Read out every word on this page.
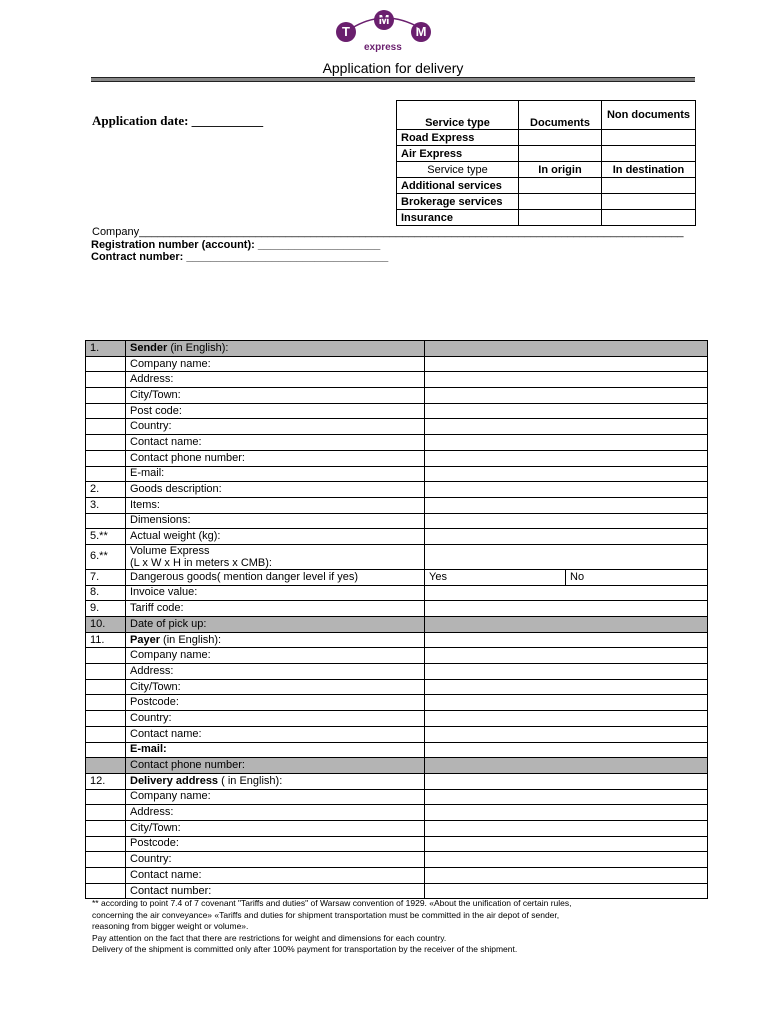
T
M
M
express
Application for delivery
Application date: ___________	Service type	Documents	Non documents
Road Express		
Air Express		
Service type	In origin	In destination
Additional services		
Brokerage services		
Insurance		
Company_________________________________________________________________________________________
Registration number (account): ____________________
Contract number: _________________________________
1.	Sender (in English):		
	Company name:		
	Address:		
	City/Town:		
	Post code:		
	Country:		
	Contact name:		
	Contact phone number:		
	E-mail:		
2.	Goods description:		
3.	Items:		
	Dimensions:		
5.**	Actual weight (kg):		
6.**	Volume Express
(L x W x H in meters x CMB):		
7.	Dangerous goods( mention danger level if yes)	Yes	No
8.	Invoice value:		
9.	Tariff code:		
10.	Date of pick up:		
11.	Payer (in English):		
	Company name:		
	Address:		
	City/Town:		
	Postcode:		
	Country:		
	Contact name:		
	E-mail:		
	Contact phone number:		
12.	Delivery address ( in English):		
	Company name:		
	Address:		
	City/Town:		
	Postcode:		
	Country:		
	Contact name:		
	Contact number:		
** according to point 7.4 of 7 covenant "Tariffs and duties" of Warsaw convention of 1929. «About the unification of certain rules,
concerning the air conveyance» «Tariffs and duties for shipment transportation must be committed in the air depot of sender,
reasoning from bigger weight or volume».
Pay attention on the fact that there are restrictions for weight and dimensions for each country.
Delivery of the shipment is committed only after 100% payment for transportation by the receiver of the shipment.
